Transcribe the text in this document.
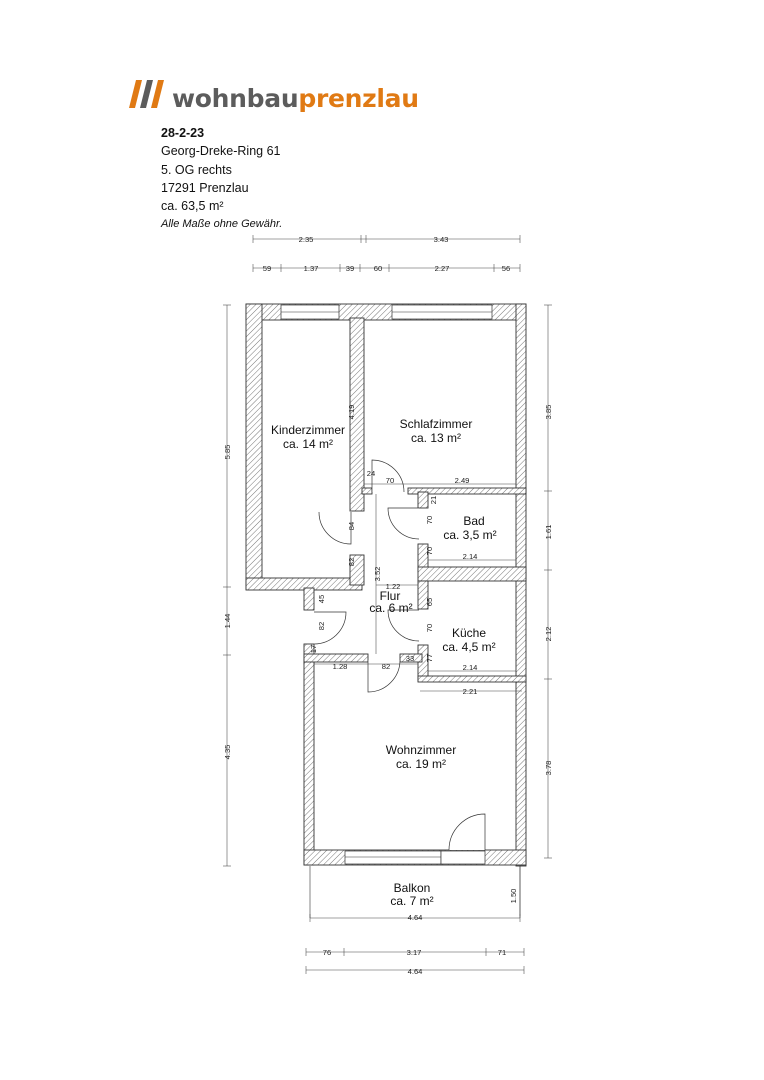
wohnbauprenzlau
28-2-23
Georg-Dreke-Ring 61
5. OG rechts
17291 Prenzlau
ca. 63,5 m²
Alle Maße ohne Gewähr.
2.35	3.43
59	1.37	39	60	2.27	56
5.85
1.44
4.35
3.85
1.61
2.12
3.78
1.50
4.64
76	3.17	71
4.64
4.19
24
70	2.49
84
82
3.52
1.22
45
82
17
1.28	82
33
21
70
70
2.14
65
70
77
2.14
2.21
Kinderzimmer
ca. 14 m²
Schlafzimmer
ca. 13 m²
Bad
ca. 3,5 m²
Flur
ca. 6 m²
Küche
ca. 4,5 m²
Wohnzimmer
ca. 19 m²
Balkon
ca. 7 m²
